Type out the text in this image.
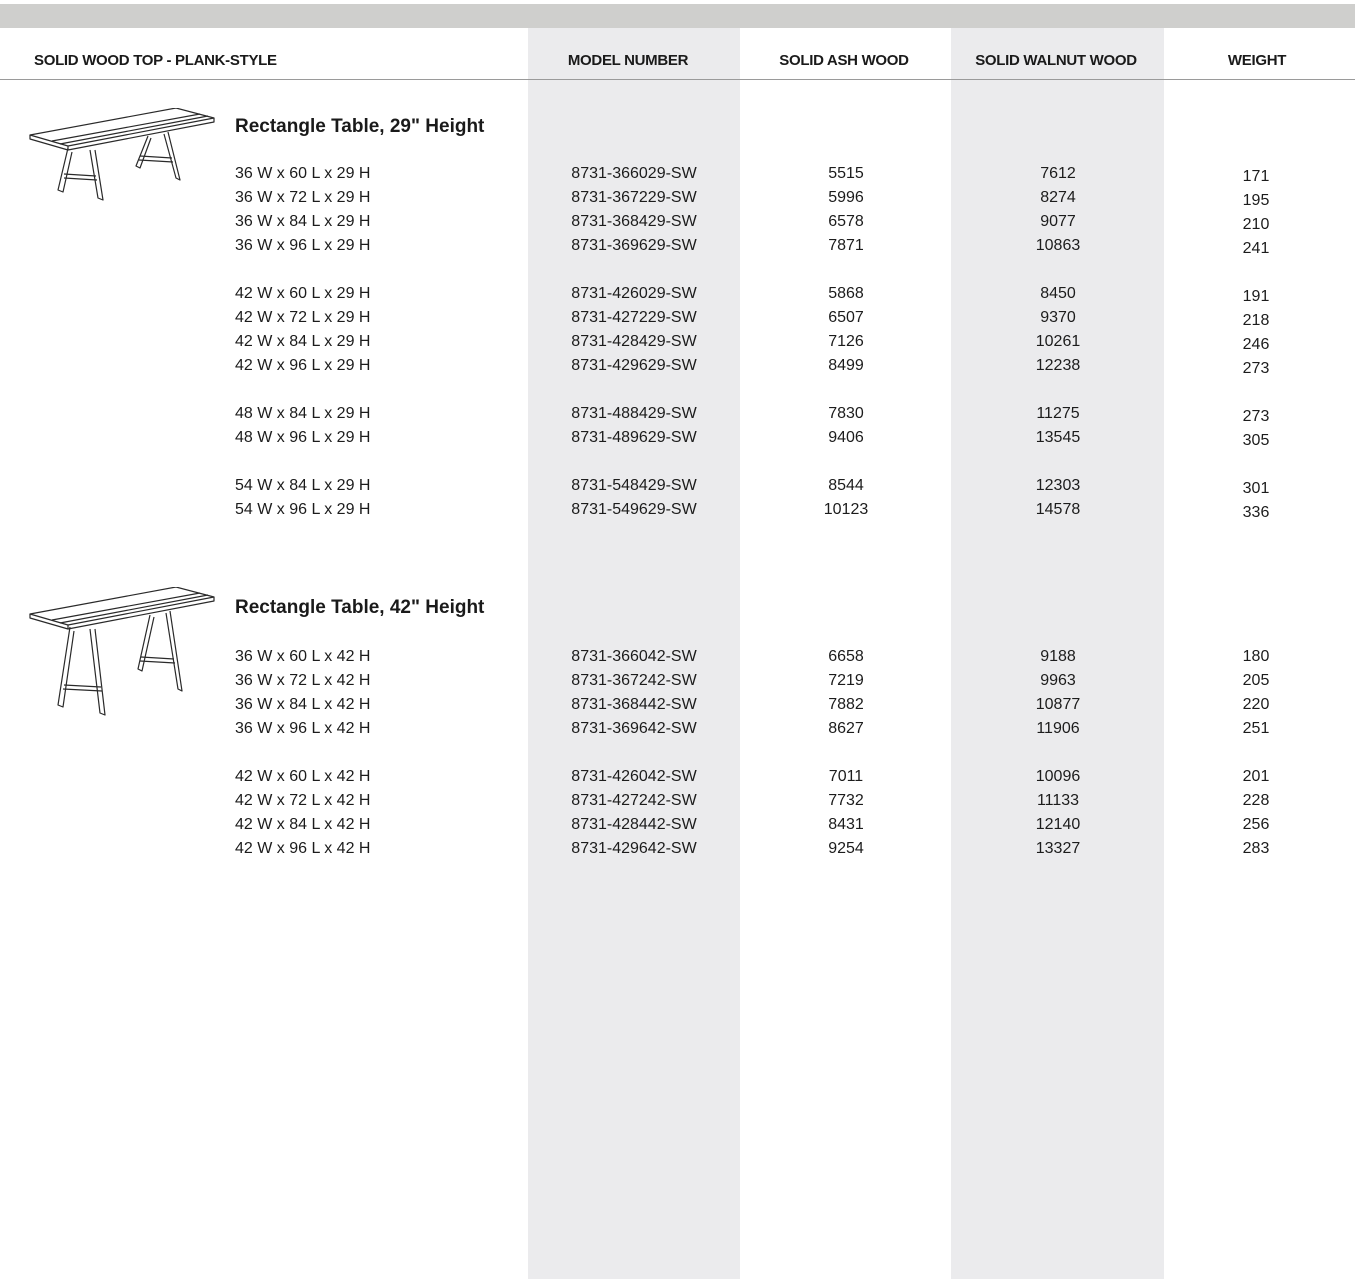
SOLID WOOD TOP - PLANK-STYLE	MODEL NUMBER	SOLID ASH WOOD	SOLID WALNUT WOOD	WEIGHT
Rectangle Table, 29" Height
36 W x 60 L x 29 H	8731-366029-SW	5515	7612	171
36 W x 72 L x 29 H	8731-367229-SW	5996	8274	195
36 W x 84 L x 29 H	8731-368429-SW	6578	9077	210
36 W x 96 L x 29 H	8731-369629-SW	7871	10863	241
42 W x 60 L x 29 H	8731-426029-SW	5868	8450	191
42 W x 72 L x 29 H	8731-427229-SW	6507	9370	218
42 W x 84 L x 29 H	8731-428429-SW	7126	10261	246
42 W x 96 L x 29 H	8731-429629-SW	8499	12238	273
48 W x 84 L x 29 H	8731-488429-SW	7830	11275	273
48 W x 96 L x 29 H	8731-489629-SW	9406	13545	305
54 W x 84 L x 29 H	8731-548429-SW	8544	12303	301
54 W x 96 L x 29 H	8731-549629-SW	10123	14578	336
Rectangle Table, 42" Height
36 W x 60 L x 42 H	8731-366042-SW	6658	9188	180
36 W x 72 L x 42 H	8731-367242-SW	7219	9963	205
36 W x 84 L x 42 H	8731-368442-SW	7882	10877	220
36 W x 96 L x 42 H	8731-369642-SW	8627	11906	251
42 W x 60 L x 42 H	8731-426042-SW	7011	10096	201
42 W x 72 L x 42 H	8731-427242-SW	7732	11133	228
42 W x 84 L x 42 H	8731-428442-SW	8431	12140	256
42 W x 96 L x 42 H	8731-429642-SW	9254	13327	283
